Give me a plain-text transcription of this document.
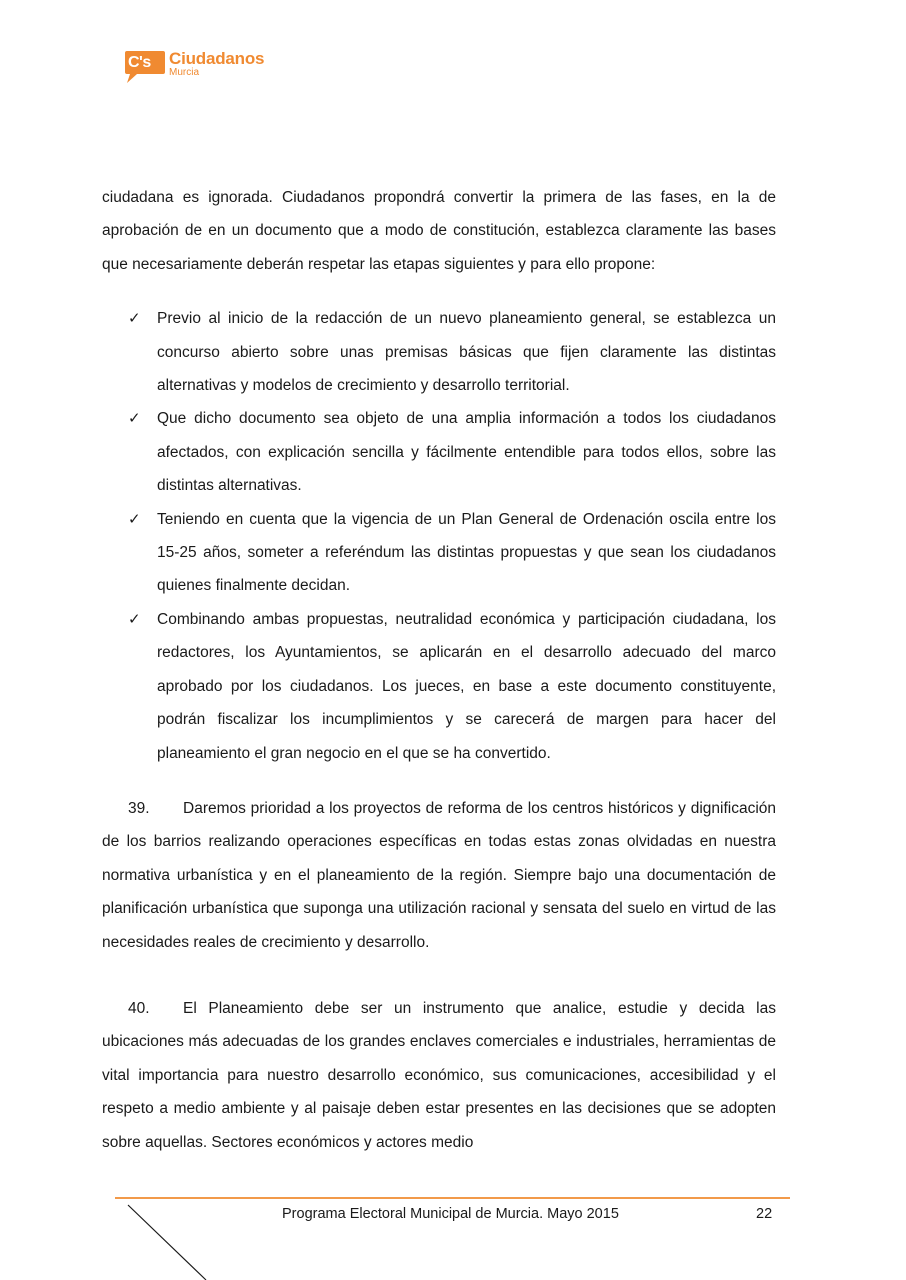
C's Ciudadanos
Murcia

ciudadana es ignorada. Ciudadanos propondrá convertir la primera de las fases, en la de aprobación de en un documento que a modo de constitución, establezca claramente las bases que necesariamente deberán respetar las etapas siguientes y para ello propone:

✓ Previo al inicio de la redacción de un nuevo planeamiento general, se establezca un concurso abierto sobre unas premisas básicas que fijen claramente las distintas alternativas y modelos de crecimiento y desarrollo territorial.
✓ Que dicho documento sea objeto de una amplia información a todos los ciudadanos afectados, con explicación sencilla y fácilmente entendible para todos ellos, sobre las distintas alternativas.
✓ Teniendo en cuenta que la vigencia de un Plan General de Ordenación oscila entre los 15-25 años, someter a referéndum las distintas propuestas y que sean los ciudadanos quienes finalmente decidan.
✓ Combinando ambas propuestas, neutralidad económica y participación ciudadana, los redactores, los Ayuntamientos, se aplicarán en el desarrollo adecuado del marco aprobado por los ciudadanos. Los jueces, en base a este documento constituyente, podrán fiscalizar los incumplimientos y se carecerá de margen para hacer del planeamiento el gran negocio en el que se ha convertido.

39. Daremos prioridad a los proyectos de reforma de los centros históricos y dignificación de los barrios realizando operaciones específicas en todas estas zonas olvidadas en nuestra normativa urbanística y en el planeamiento de la región. Siempre bajo una documentación de planificación urbanística que suponga una utilización racional y sensata del suelo en virtud de las necesidades reales de crecimiento y desarrollo.

40. El Planeamiento debe ser un instrumento que analice, estudie y decida las ubicaciones más adecuadas de los grandes enclaves comerciales e industriales, herramientas de vital importancia para nuestro desarrollo económico, sus comunicaciones, accesibilidad y el respeto a medio ambiente y al paisaje deben estar presentes en las decisiones que se adopten sobre aquellas. Sectores económicos y actores medio

Programa Electoral Municipal de Murcia. Mayo 2015	22
